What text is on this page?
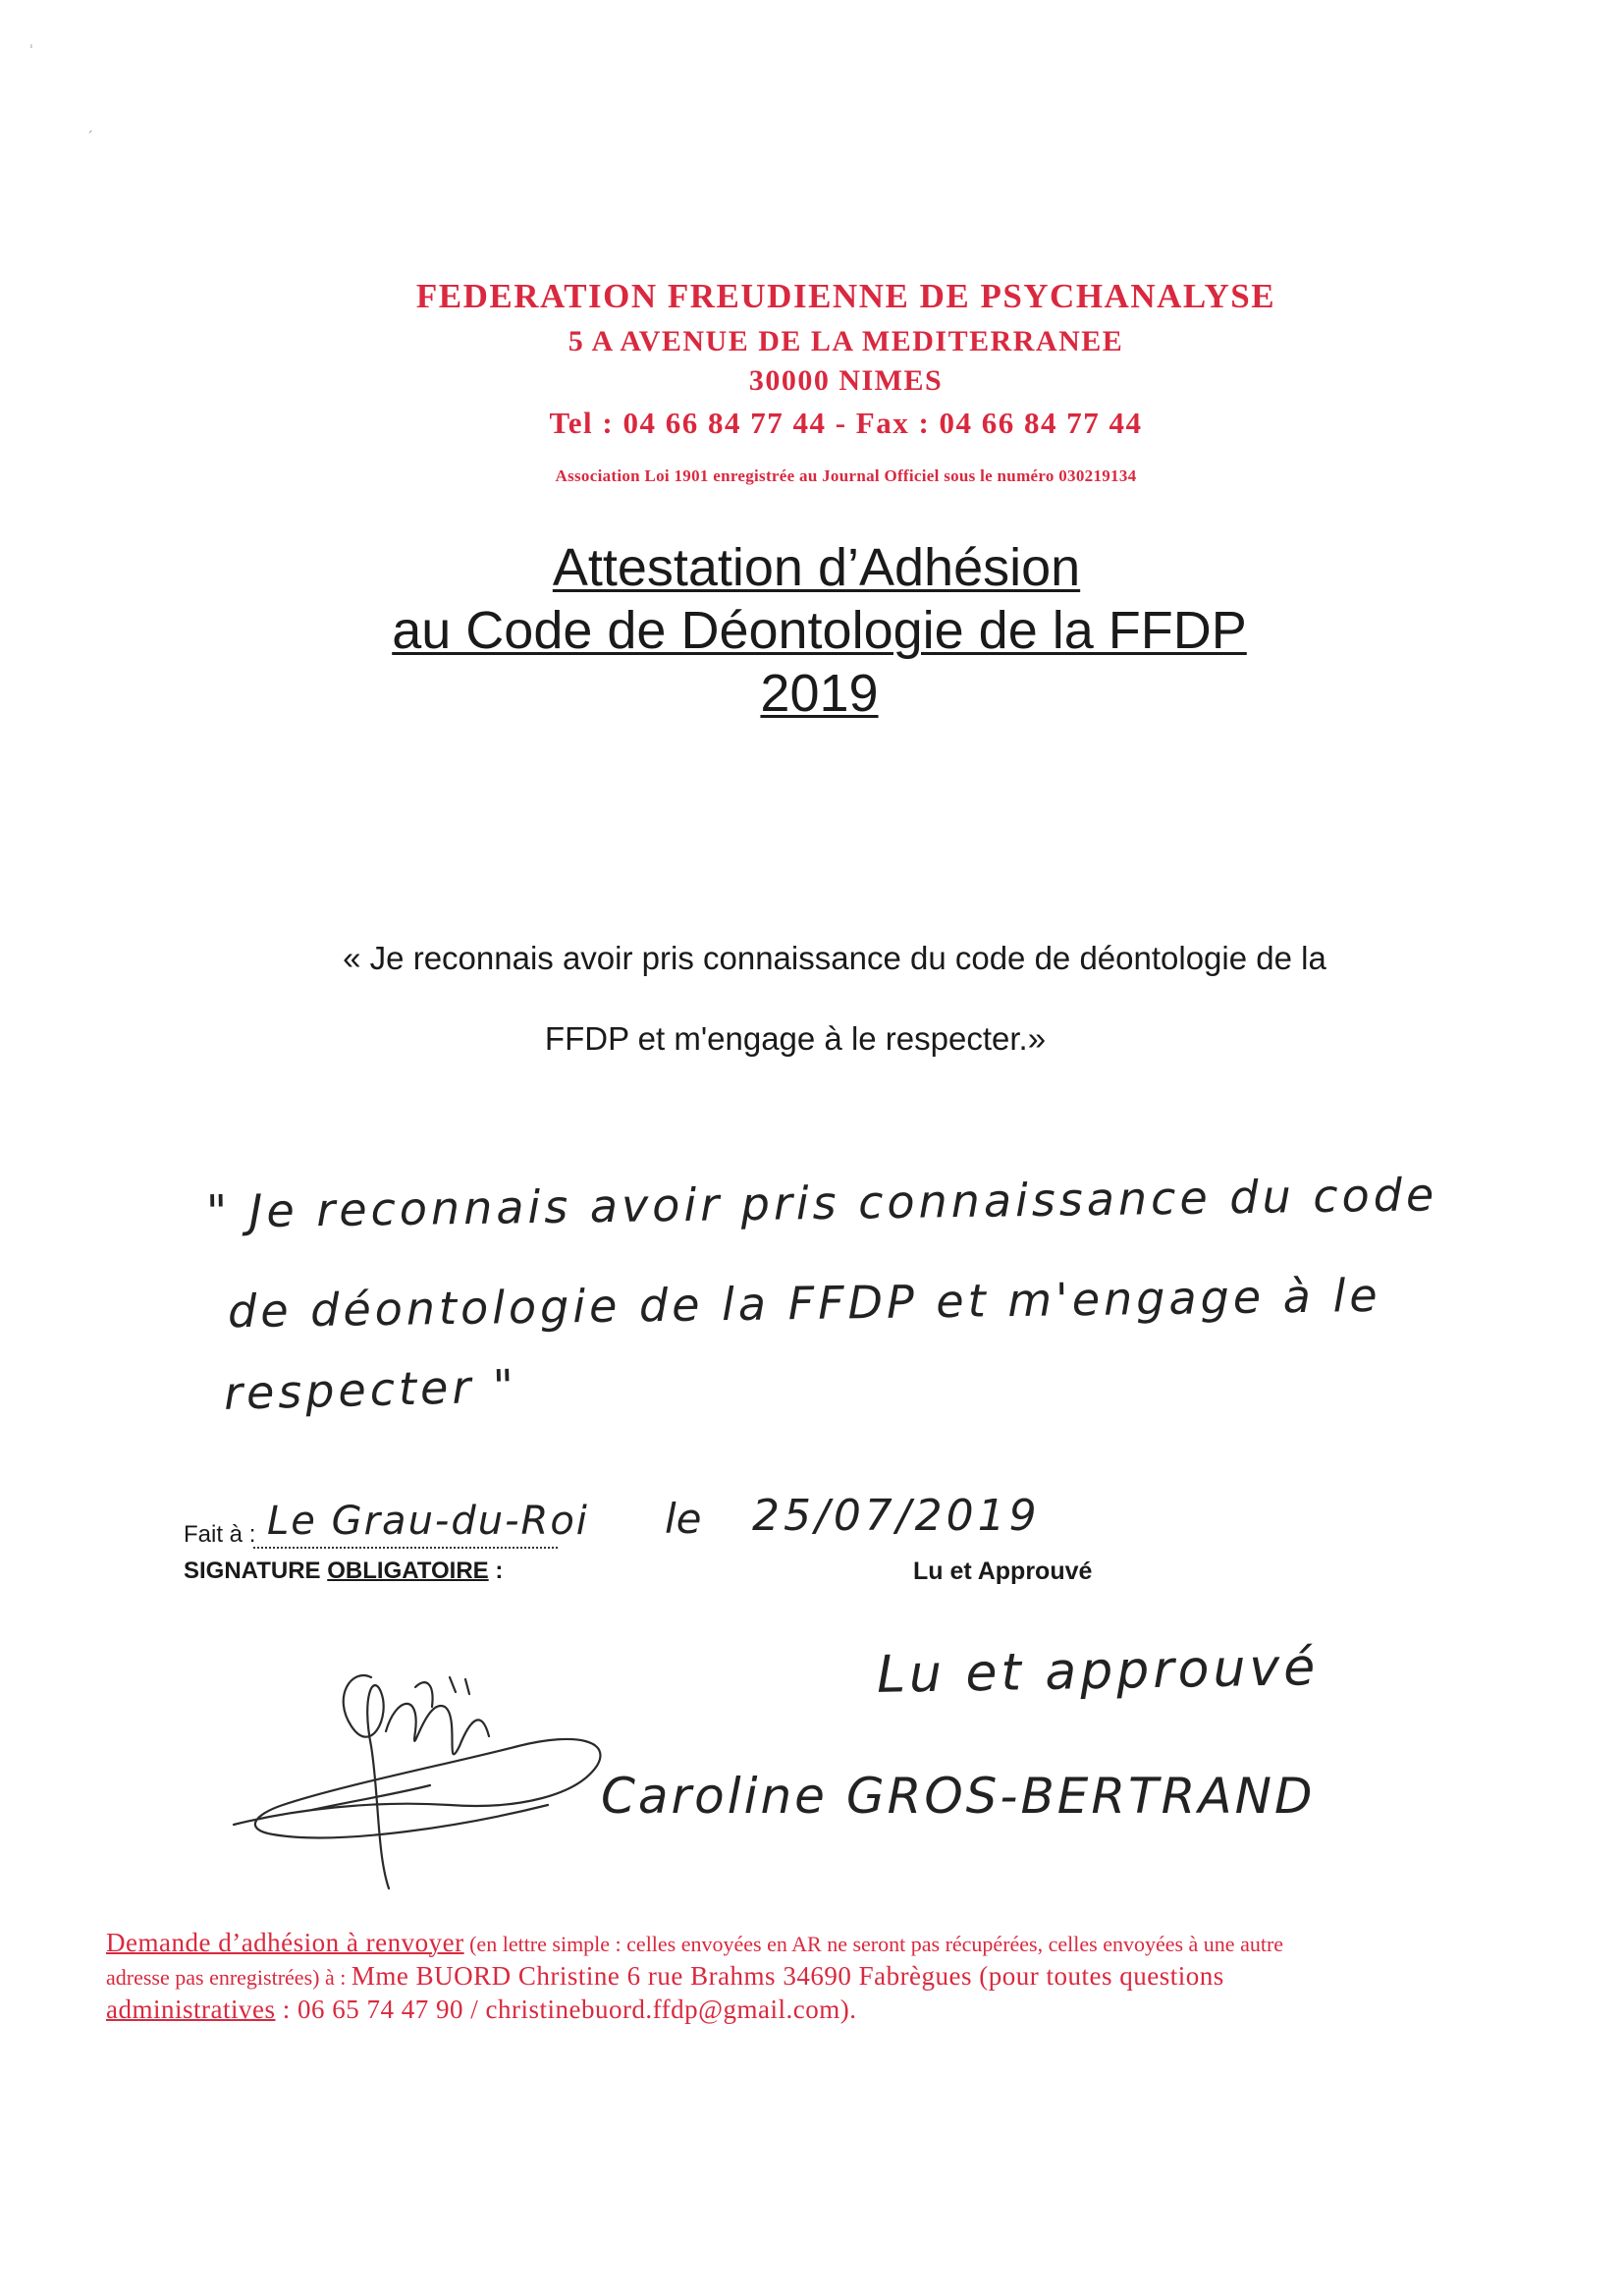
ˈ
ˏ
FEDERATION FREUDIENNE DE PSYCHANALYSE
5 A AVENUE DE LA MEDITERRANEE
30000 NIMES
Tel : 04 66 84 77 44 - Fax : 04 66 84 77 44
Association Loi 1901 enregistrée au Journal Officiel sous le numéro 030219134
Attestation d’Adhésion
au Code de Déontologie de la FFDP
2019
« Je reconnais avoir pris connaissance du code de déontologie de la
FFDP et m'engage à le respecter.»
" Je reconnais avoir pris connaissance du code
de déontologie de la FFDP et m'engage à le
respecter "
Fait à : Le Grau-du-Roi le 25/07/2019
SIGNATURE OBLIGATOIRE :	Lu et Approuvé
Lu et approuvé
Caroline GROS-BERTRAND
Demande d’adhésion à renvoyer (en lettre simple : celles envoyées en AR ne seront pas récupérées, celles envoyées à une autre
adresse pas enregistrées) à : Mme BUORD Christine 6 rue Brahms 34690 Fabrègues (pour toutes questions
administratives : 06 65 74 47 90 / christinebuord.ffdp@gmail.com).
